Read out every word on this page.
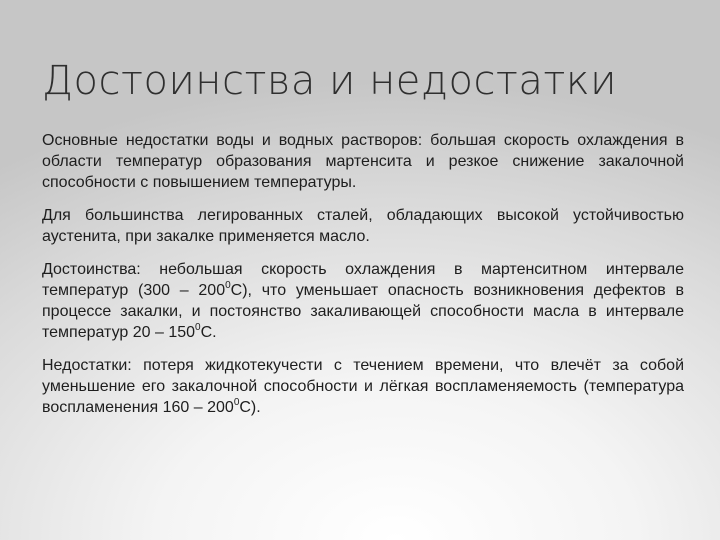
Достоинства и недостатки

Основные недостатки воды и водных растворов: большая скорость охлаждения в области температур образования мартенсита и резкое снижение закалочной способности с повышением температуры.

Для большинства легированных сталей, обладающих высокой устойчивостью аустенита, при закалке применяется масло.

Достоинства: небольшая скорость охлаждения в мартенситном интервале температур $(300 - 200^0С)$, что уменьшает опасность возникновения дефектов в процессе закалки, и постоянство закаливающей способности масла в интервале температур $20 - 150^0С$.

Недостатки: потеря жидкотекучести с течением времени, что влечёт за собой уменьшение его закалочной способности и лёгкая воспламеняемость (температура воспламенения $160 - 200^0С$).
